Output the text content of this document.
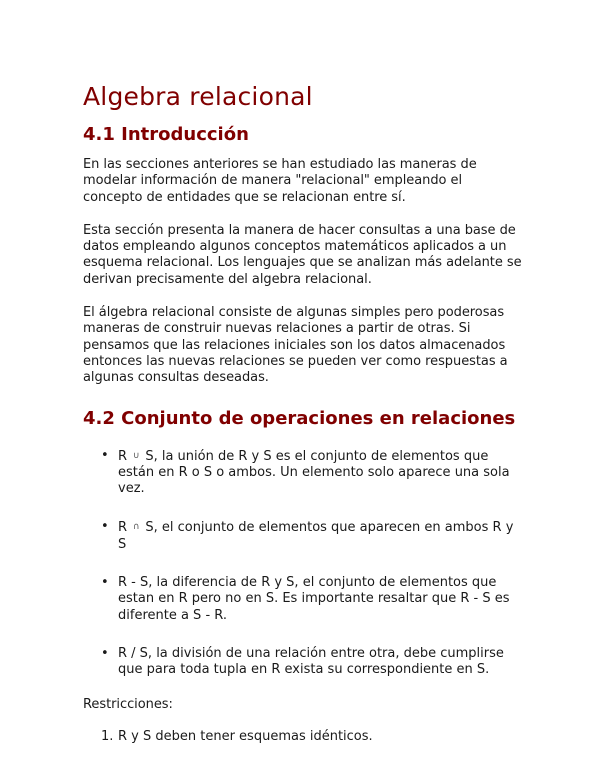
Algebra relacional
4.1 Introducción

En las secciones anteriores se han estudiado las maneras de modelar información de manera "relacional" empleando el concepto de entidades que se relacionan entre sí.

Esta sección presenta la manera de hacer consultas a una base de datos empleando algunos conceptos matemáticos aplicados a un esquema relacional. Los lenguajes que se analizan más adelante se derivan precisamente del algebra relacional.

El álgebra relacional consiste de algunas simples pero poderosas maneras de construir nuevas relaciones a partir de otras. Si pensamos que las relaciones iniciales son los datos almacenados entonces las nuevas relaciones se pueden ver como respuestas a algunas consultas deseadas.

4.2 Conjunto de operaciones en relaciones
• R ∪ S, la unión de R y S es el conjunto de elementos que están en R o S o ambos. Un elemento solo aparece una sola vez.
• R ∩ S, el conjunto de elementos que aparecen en ambos R y S
• R - S, la diferencia de R y S, el conjunto de elementos que estan en R pero no en S. Es importante resaltar que R - S es diferente a S - R.
• R / S, la división de una relación entre otra, debe cumplirse que para toda tupla en R exista su correspondiente en S.

Restricciones:

1. R y S deben tener esquemas idénticos.
